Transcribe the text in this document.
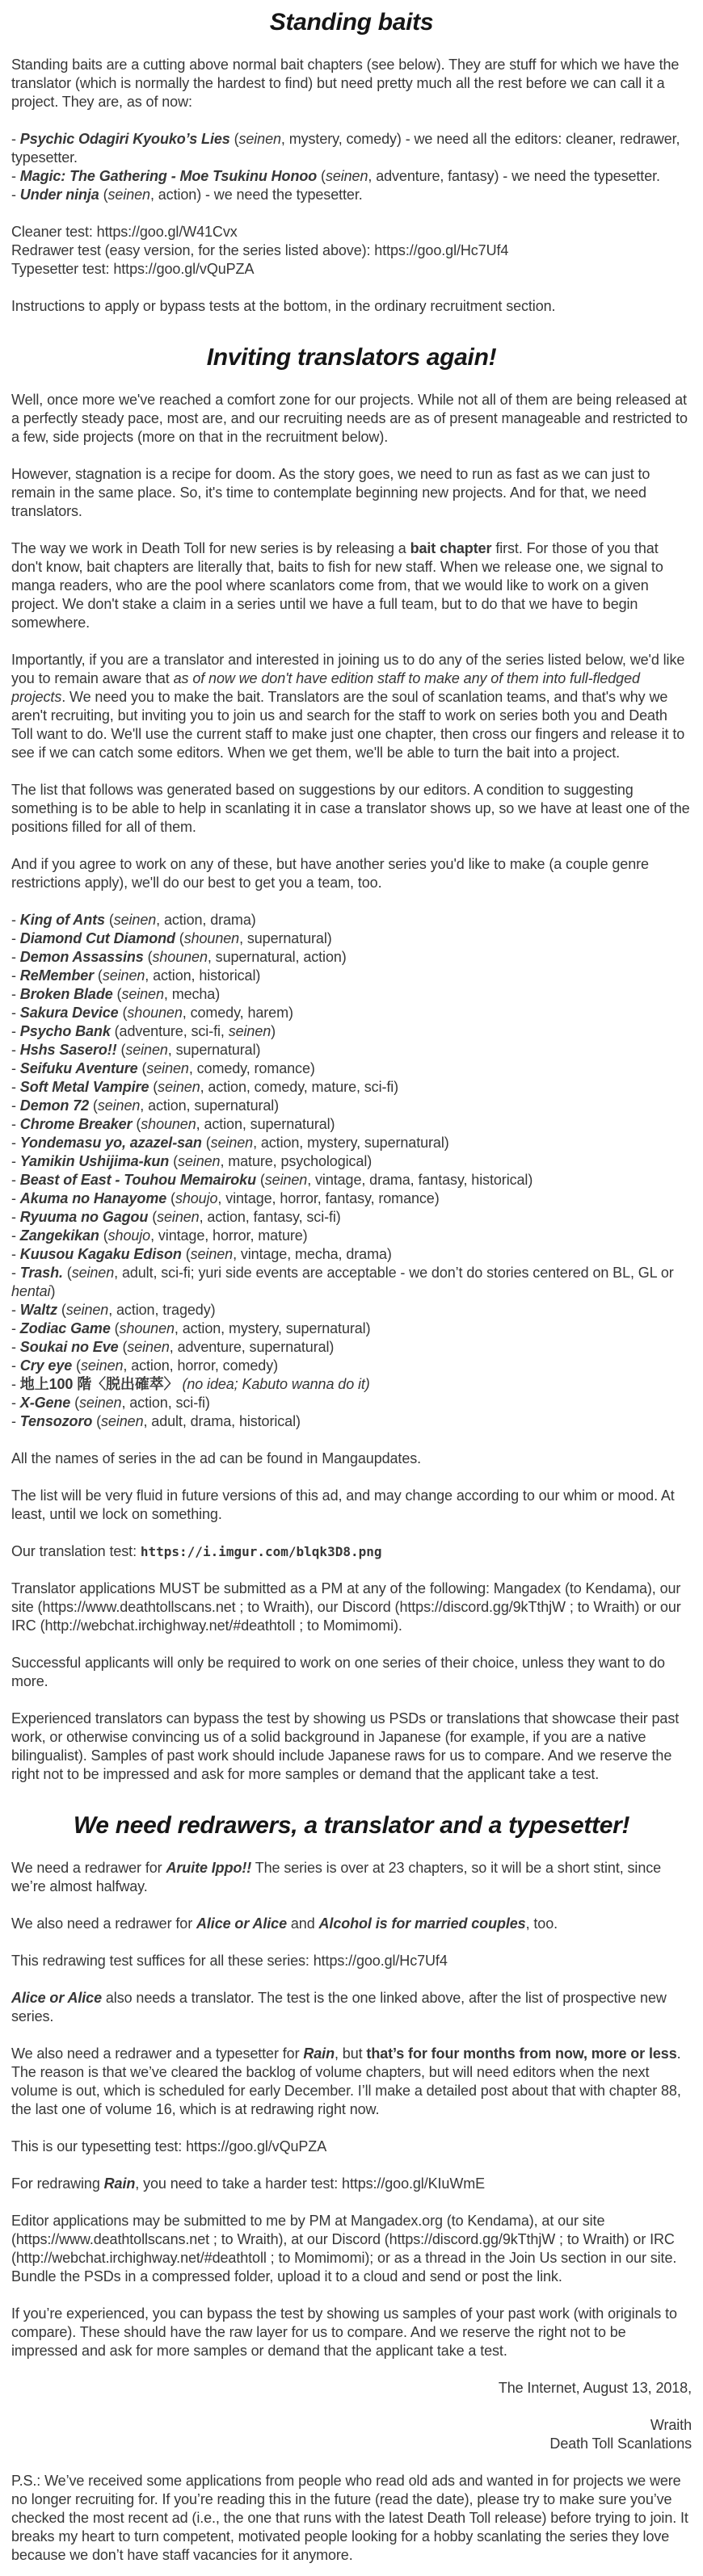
Standing baits

Standing baits are a cutting above normal bait chapters (see below). They are stuff for which we have the translator (which is normally the hardest to find) but need pretty much all the rest before we can call it a project. They are, as of now:

- Psychic Odagiri Kyouko’s Lies (seinen, mystery, comedy) - we need all the editors: cleaner, redrawer, typesetter.
- Magic: The Gathering - Moe Tsukinu Honoo (seinen, adventure, fantasy) - we need the typesetter.
- Under ninja (seinen, action) - we need the typesetter.
Cleaner test: https://goo.gl/W41Cvx
Redrawer test (easy version, for the series listed above): https://goo.gl/Hc7Uf4
Typesetter test: https://goo.gl/vQuPZA

Instructions to apply or bypass tests at the bottom, in the ordinary recruitment section.

Inviting translators again!

Well, once more we've reached a comfort zone for our projects. While not all of them are being released at a perfectly steady pace, most are, and our recruiting needs are as of present manageable and restricted to a few, side projects (more on that in the recruitment below).

However, stagnation is a recipe for doom. As the story goes, we need to run as fast as we can just to remain in the same place. So, it's time to contemplate beginning new projects. And for that, we need translators.

The way we work in Death Toll for new series is by releasing a bait chapter first. For those of you that don't know, bait chapters are literally that, baits to fish for new staff. When we release one, we signal to manga readers, who are the pool where scanlators come from, that we would like to work on a given project. We don't stake a claim in a series until we have a full team, but to do that we have to begin somewhere.

Importantly, if you are a translator and interested in joining us to do any of the series listed below, we'd like you to remain aware that as of now we don't have edition staff to make any of them into full-fledged projects. We need you to make the bait. Translators are the soul of scanlation teams, and that's why we aren't recruiting, but inviting you to join us and search for the staff to work on series both you and Death Toll want to do. We'll use the current staff to make just one chapter, then cross our fingers and release it to see if we can catch some editors. When we get them, we'll be able to turn the bait into a project.

The list that follows was generated based on suggestions by our editors. A condition to suggesting something is to be able to help in scanlating it in case a translator shows up, so we have at least one of the positions filled for all of them.

And if you agree to work on any of these, but have another series you'd like to make (a couple genre restrictions apply), we'll do our best to get you a team, too.

- King of Ants (seinen, action, drama)
- Diamond Cut Diamond (shounen, supernatural)
- Demon Assassins (shounen, supernatural, action)
- ReMember (seinen, action, historical)
- Broken Blade (seinen, mecha)
- Sakura Device (shounen, comedy, harem)
- Psycho Bank (adventure, sci-fi, seinen)
- Hshs Sasero!! (seinen, supernatural)
- Seifuku Aventure (seinen, comedy, romance)
- Soft Metal Vampire (seinen, action, comedy, mature, sci-fi)
- Demon 72 (seinen, action, supernatural)
- Chrome Breaker (shounen, action, supernatural)
- Yondemasu yo, azazel-san (seinen, action, mystery, supernatural)
- Yamikin Ushijima-kun (seinen, mature, psychological)
- Beast of East - Touhou Memairoku (seinen, vintage, drama, fantasy, historical)
- Akuma no Hanayome (shoujo, vintage, horror, fantasy, romance)
- Ryuuma no Gagou (seinen, action, fantasy, sci-fi)
- Zangekikan (shoujo, vintage, horror, mature)
- Kuusou Kagaku Edison (seinen, vintage, mecha, drama)
- Trash. (seinen, adult, sci-fi; yuri side events are acceptable - we don’t do stories centered on BL, GL or hentai)
- Waltz (seinen, action, tragedy)
- Zodiac Game (shounen, action, mystery, supernatural)
- Soukai no Eve (seinen, adventure, supernatural)
- Cry eye (seinen, action, horror, comedy)
- 地上100 階〈脱出確萃〉 (no idea; Kabuto wanna do it)
- X-Gene (seinen, action, sci-fi)
- Tensozoro (seinen, adult, drama, historical)

All the names of series in the ad can be found in Mangaupdates.

The list will be very fluid in future versions of this ad, and may change according to our whim or mood. At least, until we lock on something.

Our translation test: https://i.imgur.com/blqk3D8.png

Translator applications MUST be submitted as a PM at any of the following: Mangadex (to Kendama), our site (https://www.deathtollscans.net ; to Wraith), our Discord (https://discord.gg/9kTthjW ; to Wraith) or our IRC (http://webchat.irchighway.net/#deathtoll ; to Momimomi).

Successful applicants will only be required to work on one series of their choice, unless they want to do more.

Experienced translators can bypass the test by showing us PSDs or translations that showcase their past work, or otherwise convincing us of a solid background in Japanese (for example, if you are a native bilingualist). Samples of past work should include Japanese raws for us to compare. And we reserve the right not to be impressed and ask for more samples or demand that the applicant take a test.

We need redrawers, a translator and a typesetter!

We need a redrawer for Aruite Ippo!! The series is over at 23 chapters, so it will be a short stint, since we’re almost halfway.

We also need a redrawer for Alice or Alice and Alcohol is for married couples, too.

This redrawing test suffices for all these series: https://goo.gl/Hc7Uf4

Alice or Alice also needs a translator. The test is the one linked above, after the list of prospective new series.

We also need a redrawer and a typesetter for Rain, but that’s for four months from now, more or less. The reason is that we’ve cleared the backlog of volume chapters, but will need editors when the next volume is out, which is scheduled for early December. I’ll make a detailed post about that with chapter 88, the last one of volume 16, which is at redrawing right now.

This is our typesetting test: https://goo.gl/vQuPZA

For redrawing Rain, you need to take a harder test: https://goo.gl/KIuWmE

Editor applications may be submitted to me by PM at Mangadex.org (to Kendama), at our site (https://www.deathtollscans.net ; to Wraith), at our Discord (https://discord.gg/9kTthjW ; to Wraith) or IRC (http://webchat.irchighway.net/#deathtoll ; to Momimomi); or as a thread in the Join Us section in our site. Bundle the PSDs in a compressed folder, upload it to a cloud and send or post the link.

If you’re experienced, you can bypass the test by showing us samples of your past work (with originals to compare). These should have the raw layer for us to compare. And we reserve the right not to be impressed and ask for more samples or demand that the applicant take a test.

The Internet, August 13, 2018,

Wraith
Death Toll Scanlations

P.S.: We’ve received some applications from people who read old ads and wanted in for projects we were no longer recruiting for. If you’re reading this in the future (read the date), please try to make sure you’ve checked the most recent ad (i.e., the one that runs with the latest Death Toll release) before trying to join. It breaks my heart to turn competent, motivated people looking for a hobby scanlating the series they love because we don’t have staff vacancies for it anymore.
